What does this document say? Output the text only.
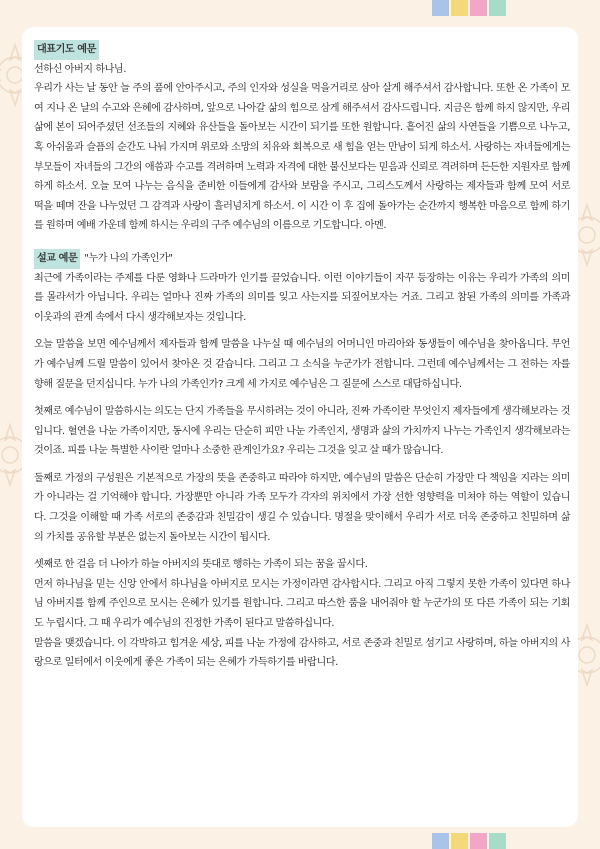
대표기도 예문

선하신 아버지 하나님.
우리가 사는 날 동안 늘 주의 품에 안아주시고, 주의 인자와 성실을 먹을거리로 삼아 살게 해주셔서 감사합니다. 또한 온 가족이 모여 지나 온 날의 수고와 은혜에 감사하며, 앞으로 나아갈 삶의 힘으로 삼게 해주셔서 감사드립니다. 지금은 함께 하지 않지만, 우리 삶에 본이 되어주셨던 선조들의 지혜와 유산들을 돌아보는 시간이 되기를 또한 원합니다. 흩어진 삶의 사연들을 기쁨으로 나누고, 혹 아쉬움과 슬픔의 순간도 나눠 가지며 위로와 소망의 치유와 회복으로 새 힘을 얻는 만남이 되게 하소서. 사랑하는 자녀들에게는 부모들이 자녀들의 그간의 애씀과 수고를 격려하며 노력과 자격에 대한 불신보다는 믿음과 신뢰로 격려하며 든든한 지원자로 함께 하게 하소서. 오늘 모여 나누는 음식을 준비한 이들에게 감사와 보람을 주시고, 그리스도께서 사랑하는 제자들과 함께 모여 서로 떡을 떼며 잔을 나누었던 그 감격과 사랑이 흘러넘치게 하소서. 이 시간 이 후 집에 돌아가는 순간까지 행복한 마음으로 함께 하기를 원하며 예배 가운데 함께 하시는 우리의 구주 예수님의 이름으로 기도합니다. 아멘.

설교 예문 "누가 나의 가족인가"

최근에 가족이라는 주제를 다룬 영화나 드라마가 인기를 끌었습니다. 이런 이야기들이 자꾸 등장하는 이유는 우리가 가족의 의미를 몰라서가 아닙니다. 우리는 얼마나 진짜 가족의 의미를 잊고 사는지를 되짚어보자는 거죠. 그리고 참된 가족의 의미를 가족과 이웃과의 관계 속에서 다시 생각해보자는 것입니다.

오늘 말씀을 보면 예수님께서 제자들과 함께 말씀을 나누실 때 예수님의 어머니인 마리아와 동생들이 예수님을 찾아옵니다. 무언가 예수님께 드릴 말씀이 있어서 찾아온 것 같습니다. 그리고 그 소식을 누군가가 전합니다. 그런데 예수님께서는 그 전하는 자를 향해 질문을 던지십니다. 누가 나의 가족인가? 크게 세 가지로 예수님은 그 질문에 스스로 대답하십니다.

첫째로 예수님이 말씀하시는 의도는 단지 가족들을 무시하려는 것이 아니라, 진짜 가족이란 무엇인지 제자들에게 생각해보라는 것입니다. 혈연을 나눈 가족이지만, 동시에 우리는 단순히 피만 나눈 가족인지, 생명과 삶의 가치까지 나누는 가족인지 생각해보라는 것이죠. 피를 나눈 특별한 사이란 얼마나 소중한 관계인가요? 우리는 그것을 잊고 살 때가 많습니다.

둘째로 가정의 구성원은 기본적으로 가장의 뜻을 존중하고 따라야 하지만, 예수님의 말씀은 단순히 가장만 다 책임을 지라는 의미가 아니라는 걸 기억해야 합니다. 가장뿐만 아니라 가족 모두가 각자의 위치에서 가장 선한 영향력을 미쳐야 하는 역할이 있습니다. 그것을 이해할 때 가족 서로의 존중감과 친밀감이 생길 수 있습니다. 명절을 맞이해서 우리가 서로 더욱 존중하고 친밀하며 삶의 가치를 공유할 부분은 없는지 돌아보는 시간이 됩시다.

셋째로 한 걸음 더 나아가 하늘 아버지의 뜻대로 행하는 가족이 되는 꿈을 꿉시다.
먼저 하나님을 믿는 신앙 안에서 하나님을 아버지로 모시는 가정이라면 감사합시다. 그리고 아직 그렇지 못한 가족이 있다면 하나님 아버지를 함께 주인으로 모시는 은혜가 있기를 원합니다. 그리고 따스한 품을 내어줘야 할 누군가의 또 다른 가족이 되는 기회도 누립시다. 그 때 우리가 예수님의 진정한 가족이 된다고 말씀하십니다.
말씀을 맺겠습니다. 이 각박하고 힘겨운 세상, 피를 나눈 가정에 감사하고, 서로 존중과 친밀로 섬기고 사랑하며, 하늘 아버지의 사랑으로 일터에서 이웃에게 좋은 가족이 되는 은혜가 가득하기를 바랍니다.
